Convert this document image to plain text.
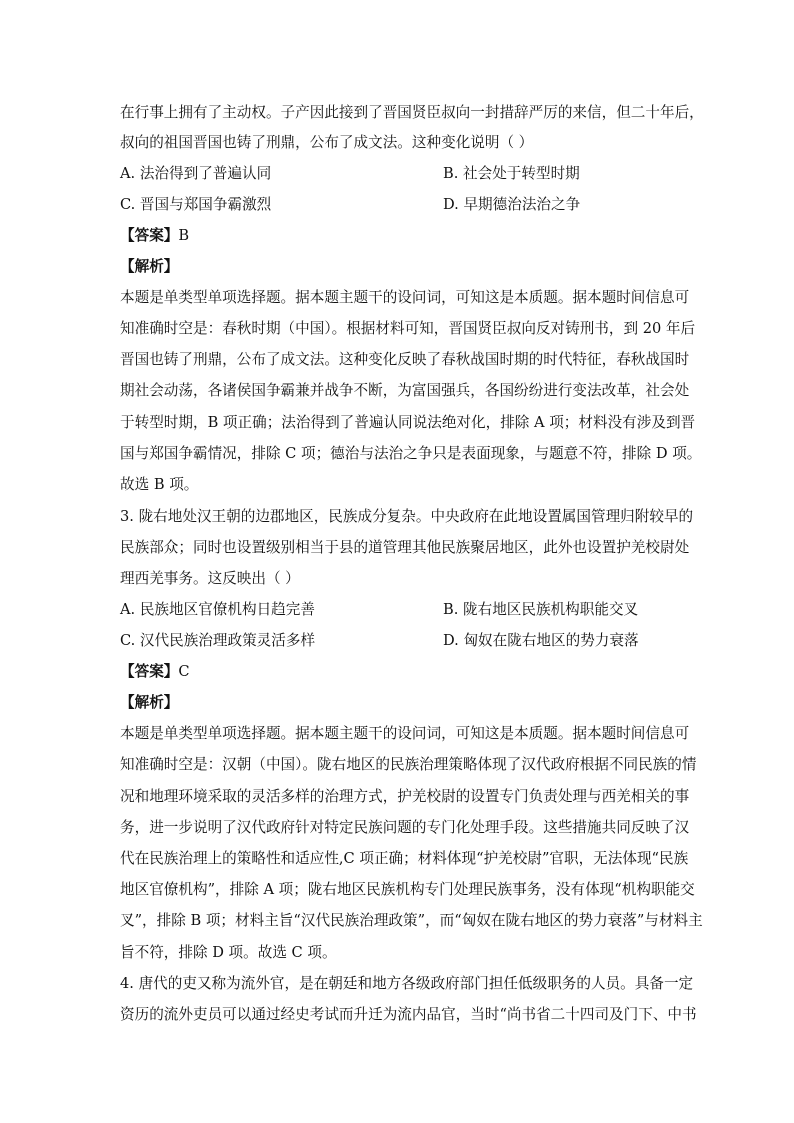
在行事上拥有了主动权。子产因此接到了晋国贤臣叔向一封措辞严厉的来信，但二十年后，
叔向的祖国晋国也铸了刑鼎，公布了成文法。这种变化说明（ ）
A. 法治得到了普遍认同	B. 社会处于转型时期
C. 晋国与郑国争霸激烈	D. 早期德治法治之争
【答案】B
【解析】
本题是单类型单项选择题。据本题主题干的设问词，可知这是本质题。据本题时间信息可
知准确时空是：春秋时期（中国）。根据材料可知，晋国贤臣叔向反对铸刑书，到 20 年后
晋国也铸了刑鼎，公布了成文法。这种变化反映了春秋战国时期的时代特征，春秋战国时
期社会动荡，各诸侯国争霸兼并战争不断，为富国强兵，各国纷纷进行变法改革，社会处
于转型时期，B 项正确；法治得到了普遍认同说法绝对化，排除 A 项；材料没有涉及到晋
国与郑国争霸情况，排除 C 项；德治与法治之争只是表面现象，与题意不符，排除 D 项。
故选 B 项。
3. 陇右地处汉王朝的边郡地区，民族成分复杂。中央政府在此地设置属国管理归附较早的
民族部众；同时也设置级别相当于县的道管理其他民族聚居地区，此外也设置护羌校尉处
理西羌事务。这反映出（ ）
A. 民族地区官僚机构日趋完善	B. 陇右地区民族机构职能交叉
C. 汉代民族治理政策灵活多样	D. 匈奴在陇右地区的势力衰落
【答案】C
【解析】
本题是单类型单项选择题。据本题主题干的设问词，可知这是本质题。据本题时间信息可
知准确时空是：汉朝（中国）。陇右地区的民族治理策略体现了汉代政府根据不同民族的情
况和地理环境采取的灵活多样的治理方式，护羌校尉的设置专门负责处理与西羌相关的事
务，进一步说明了汉代政府针对特定民族问题的专门化处理手段。这些措施共同反映了汉
代在民族治理上的策略性和适应性,C 项正确；材料体现“护羌校尉”官职，无法体现“民族
地区官僚机构”，排除 A 项；陇右地区民族机构专门处理民族事务，没有体现“机构职能交
叉”，排除 B 项；材料主旨“汉代民族治理政策”，而“匈奴在陇右地区的势力衰落”与材料主
旨不符，排除 D 项。故选 C 项。
4. 唐代的吏又称为流外官，是在朝廷和地方各级政府部门担任低级职务的人员。具备一定
资历的流外吏员可以通过经史考试而升迁为流内品官，当时“尚书省二十四司及门下、中书
